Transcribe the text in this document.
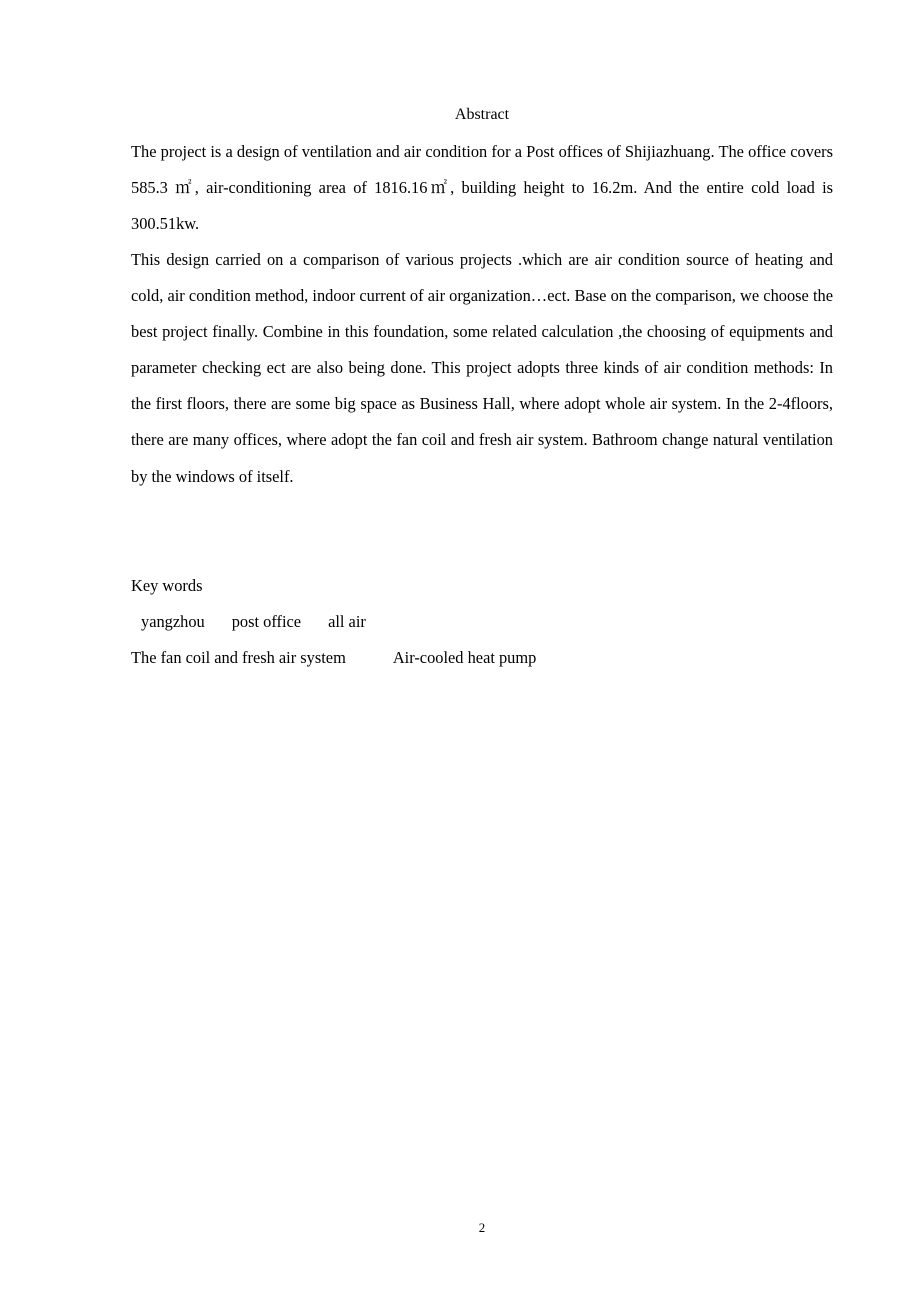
Abstract

The project is a design of ventilation and air condition for a Post offices of Shijiazhuang. The office covers 585.3 ㎡, air-conditioning area of 1816.16㎡, building height to 16.2m. And the entire cold load is 300.51kw.

This design carried on a comparison of various projects .which are air condition source of heating and cold, air condition method, indoor current of air organization…ect. Base on the comparison, we choose the best project finally. Combine in this foundation, some related calculation ,the choosing of equipments and parameter checking ect are also being done. This project adopts three kinds of air condition methods: In the first floors, there are some big space as Business Hall, where adopt whole air system. In the 2-4floors, there are many offices, where adopt the fan coil and fresh air system. Bathroom change natural ventilation by the windows of itself.

Key words
yangzhou post office all air
The fan coil and fresh air system	Air-cooled heat pump
2
